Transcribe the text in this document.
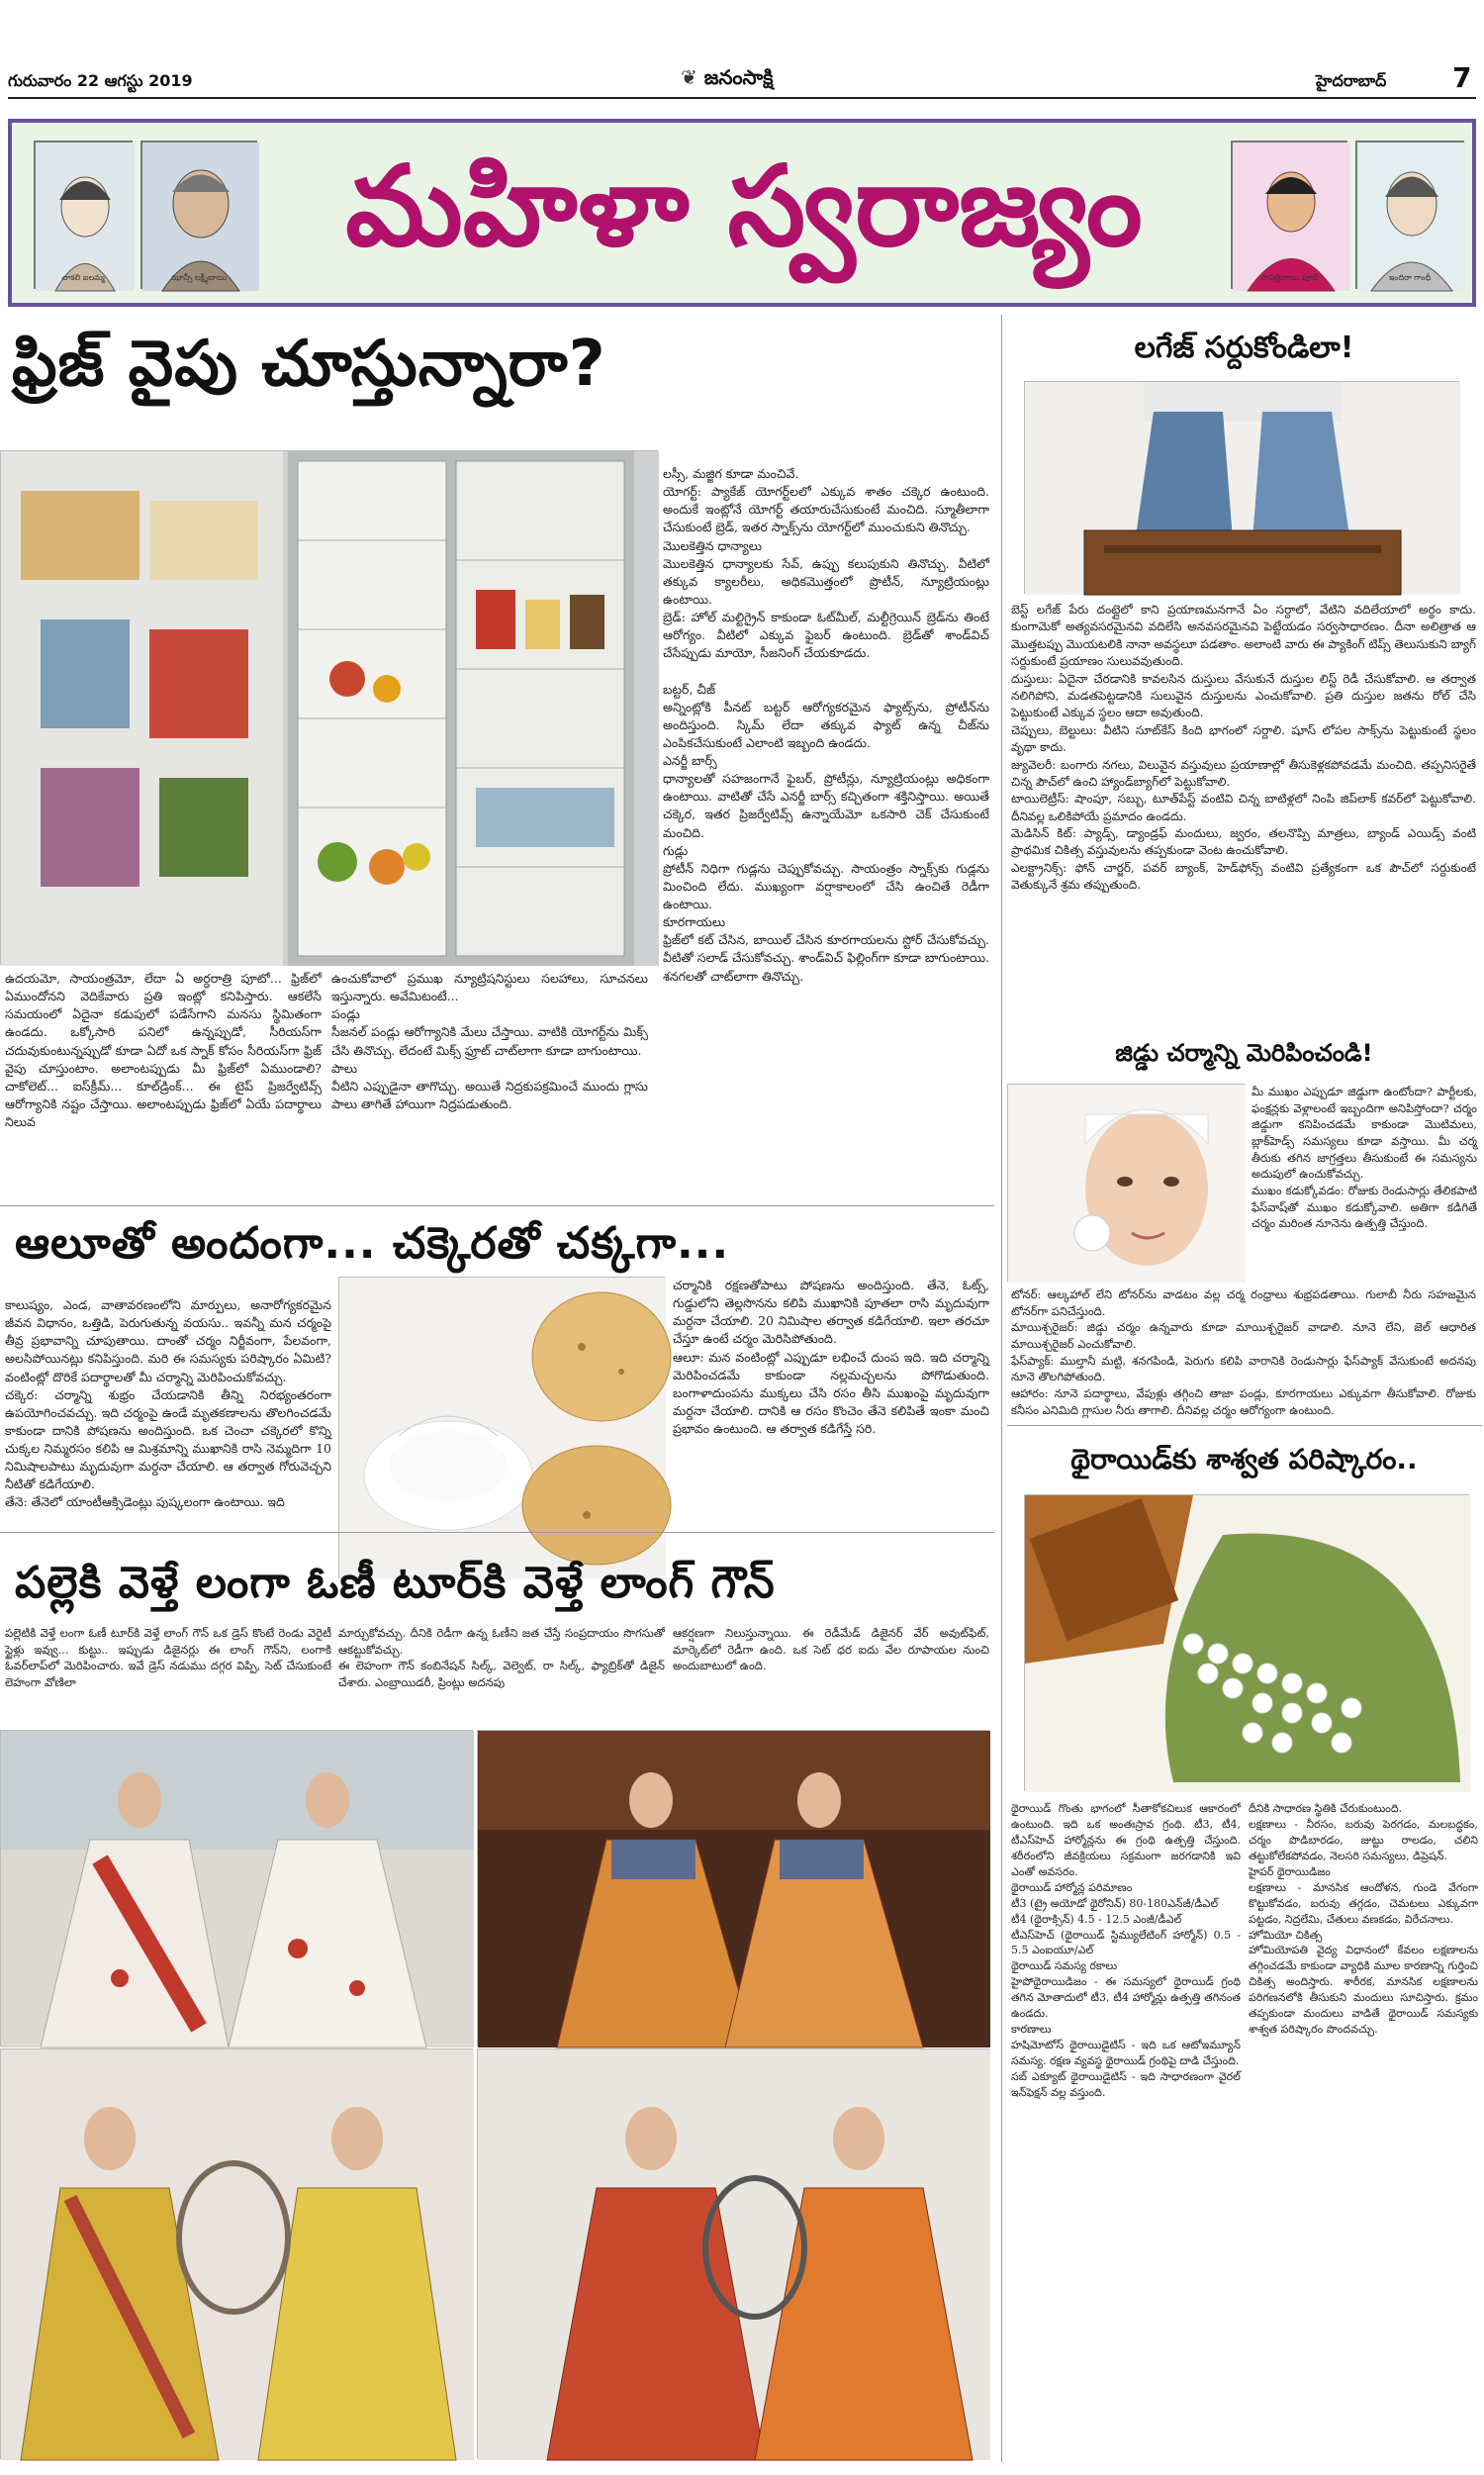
గురువారం 22 ఆగస్టు 2019	❦ జనంసాక్షి	హైదరాబాద్ 7
చాకలి ఐలమ్మ	ఝాన్సీ లక్ష్మీబాయి
మహిళా స్వరాజ్యం
సావిత్రిబాయి పూలే	ఇందిరా గాంధీ
ఫ్రిజ్ వైపు చూస్తున్నారా?
ఉదయమో, సాయంత్రమో, లేదా ఏ అర్ధరాత్రి పూటో... ఫ్రిజ్‌లో ఏముందోనని వెదికేవారు ప్రతి ఇంట్లో కనిపిస్తారు. ఆకలేసే సమయంలో ఏదైనా కడుపులో పడేసేగాని మనసు స్థిమితంగా ఉండదు. ఒక్కోసారి పనిలో ఉన్నప్పుడో, సీరియస్‌గా చదువుకుంటున్నప్పుడో కూడా ఏదో ఒక స్నాక్ కోసం సీరియస్‌గా ఫ్రిజ్ వైపు చూస్తుంటాం. అలాంటప్పుడు మీ ఫ్రిజ్‌లో ఏముండాలి? చాకోలెట్... ఐస్‌క్రీమ్... కూల్‌డ్రింక్... ఈ టైప్ ప్రిజర్వేటివ్స్ ఆరోగ్యానికి నష్టం చేస్తాయి. అలాంటప్పుడు ఫ్రిజ్‌లో ఏయే పదార్థాలు నిలువ
ఉంచుకోవాలో ప్రముఖ న్యూట్రిషనిస్టులు సలహాలు, సూచనలు ఇస్తున్నారు. అవేమిటంటే...
పండ్లు
సీజనల్ పండ్లు ఆరోగ్యానికి మేలు చేస్తాయి. వాటికి యోగర్ట్‌ను మిక్స్ చేసి తినొచ్చు. లేదంటే మిక్స్ ఫ్రూట్ చాట్‌లాగా కూడా బాగుంటాయి.
పాలు
వీటిని ఎప్పుడైనా తాగొచ్చు. అయితే నిద్రకుపక్రమించే ముందు గ్లాసు పాలు తాగితే హాయిగా నిద్రపడుతుంది.
లస్సీ, మజ్జిగ కూడా మంచివే.
యోగర్ట్: ప్యాకేజ్ యోగర్ట్‌లలో ఎక్కువ శాతం చక్కెర ఉంటుంది. అందుకే ఇంట్లోనే యోగర్ట్ తయారుచేసుకుంటే మంచిది. స్మూతీలాగా చేసుకుంటే బ్రెడ్, ఇతర స్నాక్స్‌ను యోగర్ట్‌లో ముంచుకుని తినొచ్చు.
మొలకెత్తిన ధాన్యాలు
మొలకెత్తిన ధాన్యాలకు సేవ్, ఉప్పు కలుపుకుని తినొచ్చు. వీటిలో తక్కువ క్యాలరీలు, అధికమొత్తంలో ప్రొటీన్, న్యూట్రియంట్లు ఉంటాయి.
బ్రెడ్: హోల్ మల్టిగ్రైన్ కాకుండా ఓట్‌మీల్, మల్టీగ్రెయిన్ బ్రెడ్‌ను తింటే ఆరోగ్యం. వీటిలో ఎక్కువ ఫైబర్ ఉంటుంది. బ్రెడ్‌తో శాండ్‌విచ్ చేసేప్పుడు మాయో, సీజనింగ్ చేయకూడదు.

బట్టర్, చీజ్
అన్నింట్లోకి పీనట్ బట్టర్ ఆరోగ్యకరమైన ఫ్యాట్స్‌ను, ప్రోటీన్‌ను అందిస్తుంది. స్కిమ్ లేదా తక్కువ ఫ్యాట్ ఉన్న చీజ్‌ను ఎంపికచేసుకుంటే ఎలాంటి ఇబ్బంది ఉండదు.
ఎనర్జీ బార్స్
ధాన్యాలతో సహజంగానే ఫైబర్, ప్రోటీన్లు, న్యూట్రియంట్లు అధికంగా ఉంటాయి. వాటితో చేసే ఎనర్జీ బార్స్ కచ్చితంగా శక్తినిస్తాయి. అయితే చక్కెర, ఇతర ప్రిజర్వేటివ్స్ ఉన్నాయేమో ఒకసారి చెక్ చేసుకుంటే మంచిది.
గుడ్లు
ప్రోటీన్ నిధిగా గుడ్లను చెప్పుకోవచ్చు. సాయంత్రం స్నాక్స్‌కు గుడ్లను మించింది లేదు. ముఖ్యంగా వర్షాకాలంలో చేసి ఉంచితే రెడీగా ఉంటాయి.
కూరగాయలు
ఫ్రిజ్‌లో కట్ చేసిన, బాయిల్ చేసిన కూరగాయలను స్టోర్ చేసుకోవచ్చు. వీటితో సలాడ్ చేసుకోవచ్చు. శాండ్‌విచ్ ఫిల్లింగ్‌గా కూడా బాగుంటాయి. శనగలతో చాట్‌లాగా తినొచ్చు.
ఆలూతో అందంగా... చక్కెరతో చక్కగా...
కాలుష్యం, ఎండ, వాతావరణంలోని మార్పులు, అనారోగ్యకరమైన జీవన విధానం, ఒత్తిడి, పెరుగుతున్న వయసు.. ఇవన్నీ మన చర్మంపై తీవ్ర ప్రభావాన్ని చూపుతాయి. దాంతో చర్మం నిర్జీవంగా, పేలవంగా, అలసిపోయినట్లు కనిపిస్తుంది. మరి ఈ సమస్యకు పరిష్కారం ఏమిటి? వంటింట్లో దొరికే పదార్థాలతో మీ చర్మాన్ని మెరిపించుకోవచ్చు.
చక్కెర: చర్మాన్ని శుభ్రం చేయడానికి తీన్ని నిరభ్యంతరంగా ఉపయోగించవచ్చు. ఇది చర్మంపై ఉండే మృతకణాలను తొలగించడమే కాకుండా దానికి పోషణను అందిస్తుంది. ఒక చెంచా చక్కెరలో కొన్ని చుక్కల నిమ్మరసం కలిపి ఆ మిశ్రమాన్ని ముఖానికి రాసి నెమ్మదిగా 10 నిమిషాలపాటు మృదువుగా మర్దనా చేయాలి. ఆ తర్వాత గోరువెచ్చని నీటితో కడిగేయాలి.
తేనె: తేనెలో యాంటీఆక్సిడెంట్లు పుష్కలంగా ఉంటాయి. ఇది
చర్మానికి రక్షణతోపాటు పోషణను అందిస్తుంది. తేనె, ఓట్స్, గుడ్డులోని తెల్లసొనను కలిపి ముఖానికి పూతలా రాసి మృదువుగా మర్దనా చేయాలి. 20 నిమిషాల తర్వాత కడిగేయాలి. ఇలా తరచూ చేస్తూ ఉంటే చర్మం మెరిసిపోతుంది.
ఆలూ: మన వంటింట్లో ఎప్పుడూ లభించే దుంప ఇది. ఇది చర్మాన్ని మెరిపించడమే కాకుండా నల్లమచ్చలను పోగొడుతుంది. బంగాళాదుంపను ముక్కలు చేసి రసం తీసి ముఖంపై మృదువుగా మర్దనా చేయాలి. దానికి ఆ రసం కొంచెం తేనె కలిపితే ఇంకా మంచి ప్రభావం ఉంటుంది. ఆ తర్వాత కడిగేస్తే సరి.
పల్లెకి వెళ్తే లంగా ఓణీ టూర్‌కి వెళ్తే లాంగ్ గౌన్
పల్లెటికి వెళ్తే లంగా ఓణీ టూర్‌కి వెళ్తే లాంగ్ గౌన్ ఒక డ్రెస్ కొంటే రెండు వెరైటీ స్టైళ్లు ఇవ్వు... కుట్టు.. ఇప్పుడు డిజైనర్లు ఈ లాంగ్ గౌన్‌ని, లంగాకి ఓవర్‌లాప్‌లో మెరిపించారు. ఇవే డ్రెస్ నడుము దగ్గర విప్పి, సెట్ చేసుకుంటే లెహంగా వోణిలా
మార్చుకోవచ్చు. దీనికి రెడీగా ఉన్న ఓణీని జత చేస్తే సంప్రదాయం సొగసుతో ఆకట్టుకోవచ్చు.
ఈ లెహంగా గౌన్ కంబినేషన్ సిల్క్, వెల్వెట్, రా సిల్క్, ఫ్యాబ్రిక్‌తో డిజైన్ చేశారు. ఎంబ్రాయిడరీ, ప్రింట్లు అదనపు
ఆకర్షణగా నిలుస్తున్నాయి. ఈ రెడీమేడ్ డిజైనర్ వేర్ అవుట్‌ఫిట్, మార్కెట్‌లో రెడీగా ఉంది. ఒక సెట్ ధర ఐదు వేల రూపాయల నుంచి అందుబాటులో ఉంది.
లగేజ్ సర్దుకోండిలా!
బెస్ట్ లగేజ్ పేరు దంట్లైలో కాని ప్రయాణమనగానే ఏం సర్దాలో, వేటిని వదిలేయాలో అర్థం కాదు. కుంగామెకో అత్యవసరమైనవి వదిలేసి అనవసరమైనవి పెట్టేయడం సర్వసాధారణం. దీనా అలిత్రాత ఆ మొత్తటప్పు మొయటలికి నానా అవస్థలూ పడతాం. అలాంటి వారు ఈ ప్యాకింగ్ టిప్స్ తెలుసుకుని బ్యాగ్ సర్దుకుంటే ప్రయాణం సులువవుతుంది.
దుస్తులు: ఏదైనా చేరడానికి కావలసిన దుస్తులు వేసుకునే దుస్తుల లిస్ట్ రెడీ చేసుకోవాలి. ఆ తర్వాత నలిగిపోని, మడతపెట్టడానికి సులువైన దుస్తులను ఎంచుకోవాలి. ప్రతి దుస్తుల జతను రోల్ చేసి పెట్టుకుంటే ఎక్కువ స్థలం ఆదా అవుతుంది.
చెప్పులు, బెల్టులు: వీటిని సూట్‌కేస్ కింది భాగంలో సర్దాలి. షూస్ లోపల సాక్స్‌ను పెట్టుకుంటే స్థలం వృథా కాదు.
జ్యువెలరీ: బంగారు నగలు, విలువైన వస్తువులు ప్రయాణాల్లో తీసుకెళ్లకపోవడమే మంచిది. తప్పనిసరైతే చిన్న పౌచ్‌లో ఉంచి హ్యాండ్‌బ్యాగ్‌లో పెట్టుకోవాలి.
టాయిలెట్రీస్: షాంపూ, సబ్బు, టూత్‌పేస్ట్ వంటివి చిన్న బాటిళ్లలో నింపి జిప్‌లాక్ కవర్‌లో పెట్టుకోవాలి. దీనివల్ల ఒలికిపోయే ప్రమాదం ఉండదు.
మెడిసిన్ కిట్: ప్యాడ్స్, డ్యాండ్రఫ్ మందులు, జ్వరం, తలనొప్పి మాత్రలు, బ్యాండ్ ఎయిడ్స్ వంటి ప్రాథమిక చికిత్స వస్తువులను తప్పకుండా వెంట ఉంచుకోవాలి.
ఎలక్ట్రానిక్స్: ఫోన్ చార్జర్, పవర్ బ్యాంక్, హెడ్‌ఫోన్స్ వంటివి ప్రత్యేకంగా ఒక పౌచ్‌లో సర్దుకుంటే వెతుక్కునే శ్రమ తప్పుతుంది.
జిడ్డు చర్మాన్ని మెరిపించండి!
మీ ముఖం ఎప్పుడూ జిడ్డుగా ఉంటోందా? పార్టీలకు, ఫంక్షన్లకు వెళ్లాలంటే ఇబ్బందిగా అనిపిస్తోందా? చర్మం జిడ్డుగా కనిపించడమే కాకుండా మొటిమలు, బ్లాక్‌హెడ్స్ సమస్యలు కూడా వస్తాయి. మీ చర్మ తీరుకు తగిన జాగ్రత్తలు తీసుకుంటే ఈ సమస్యను అదుపులో ఉంచుకోవచ్చు.
ముఖం కడుక్కోవడం: రోజుకు రెండుసార్లు తేలికపాటి ఫేస్‌వాష్‌తో ముఖం కడుక్కోవాలి. అతిగా కడిగితే చర్మం మరింత నూనెను ఉత్పత్తి చేస్తుంది.
టోనర్: ఆల్కహాల్ లేని టోనర్‌ను వాడటం వల్ల చర్మ రంధ్రాలు శుభ్రపడతాయి. గులాబీ నీరు సహజమైన టోనర్‌గా పనిచేస్తుంది.
మాయిశ్చరైజర్: జిడ్డు చర్మం ఉన్నవారు కూడా మాయిశ్చరైజర్ వాడాలి. నూనె లేని, జెల్ ఆధారిత మాయిశ్చరైజర్ ఎంచుకోవాలి.
ఫేస్‌ప్యాక్: ముల్తానీ మట్టి, శనగపిండి, పెరుగు కలిపి వారానికి రెండుసార్లు ఫేస్‌ప్యాక్ వేసుకుంటే అదనపు నూనె తొలగిపోతుంది.
ఆహారం: నూనె పదార్థాలు, వేపుళ్లు తగ్గించి తాజా పండ్లు, కూరగాయలు ఎక్కువగా తీసుకోవాలి. రోజుకు కనీసం ఎనిమిది గ్లాసుల నీరు తాగాలి. దీనివల్ల చర్మం ఆరోగ్యంగా ఉంటుంది.
థైరాయిడ్‌కు శాశ్వత పరిష్కారం..
థైరాయిడ్ గొంతు భాగంలో సీతాకోకచిలుక ఆకారంలో ఉంటుంది. ఇది ఒక అంతఃస్రావ గ్రంథి. టీ3, టీ4, టీఎస్‌హెచ్ హార్మోన్లను ఈ గ్రంథి ఉత్పత్తి చేస్తుంది. శరీరంలోని జీవక్రియలు సక్రమంగా జరగడానికి ఇవి ఎంతో అవసరం.
థైరాయిడ్ హార్మోన్ల పరిమాణం
టీ3 (ట్రై అయోడో థైరోనిన్) 80-180ఎన్‌జీ/డీఎల్
టీ4 (థైరాక్సిన్) 4.5 - 12.5 ఎంజీ/డీఎల్
టీఎస్‌హెచ్ (థైరాయిడ్ స్టిమ్యులేటింగ్ హార్మోన్) 0.5 - 5.5 ఎంఐయూ/ఎల్
థైరాయిడ్ సమస్య రకాలు
హైపోథైరాయిడిజం - ఈ సమస్యలో థైరాయిడ్ గ్రంథి తగిన మోతాదులో టీ3, టీ4 హార్మోన్లు ఉత్పత్తి తగినంత ఉండదు.
కారణాలు
హషిమోటోస్ థైరాయిడైటిస్ - ఇది ఒక ఆటోఇమ్యూన్ సమస్య. రక్షణ వ్యవస్థ థైరాయిడ్ గ్రంథిపై దాడి చేస్తుంది.
సబ్ ఎక్యూట్ థైరాయిడైటిస్ - ఇది సాధారణంగా వైరల్ ఇన్‌ఫెక్షన్ వల్ల వస్తుంది.
దీనికి సాధారణ స్థితికి చేరుకుంటుంది.
లక్షణాలు - నీరసం, బరువు పెరగడం, మలబద్ధకం, చర్మం పొడిబారడం, జుట్టు రాలడం, చలిని తట్టుకోలేకపోవడం, నెలసరి సమస్యలు, డిప్రెషన్.
హైపర్ థైరాయిడిజం
లక్షణాలు - మానసిక ఆందోళన, గుండె వేగంగా కొట్టుకోవడం, బరువు తగ్గడం, చెమటలు ఎక్కువగా పట్టడం, నిద్రలేమి, చేతులు వణకడం, విరేచనాలు.
హోమియో చికిత్స
హోమియోపతి వైద్య విధానంలో కేవలం లక్షణాలను తగ్గించడమే కాకుండా వ్యాధికి మూల కారణాన్ని గుర్తించి చికిత్స అందిస్తారు. శారీరక, మానసిక లక్షణాలను పరిగణనలోకి తీసుకుని మందులు సూచిస్తారు. క్రమం తప్పకుండా మందులు వాడితే థైరాయిడ్ సమస్యకు శాశ్వత పరిష్కారం పొందవచ్చు.
